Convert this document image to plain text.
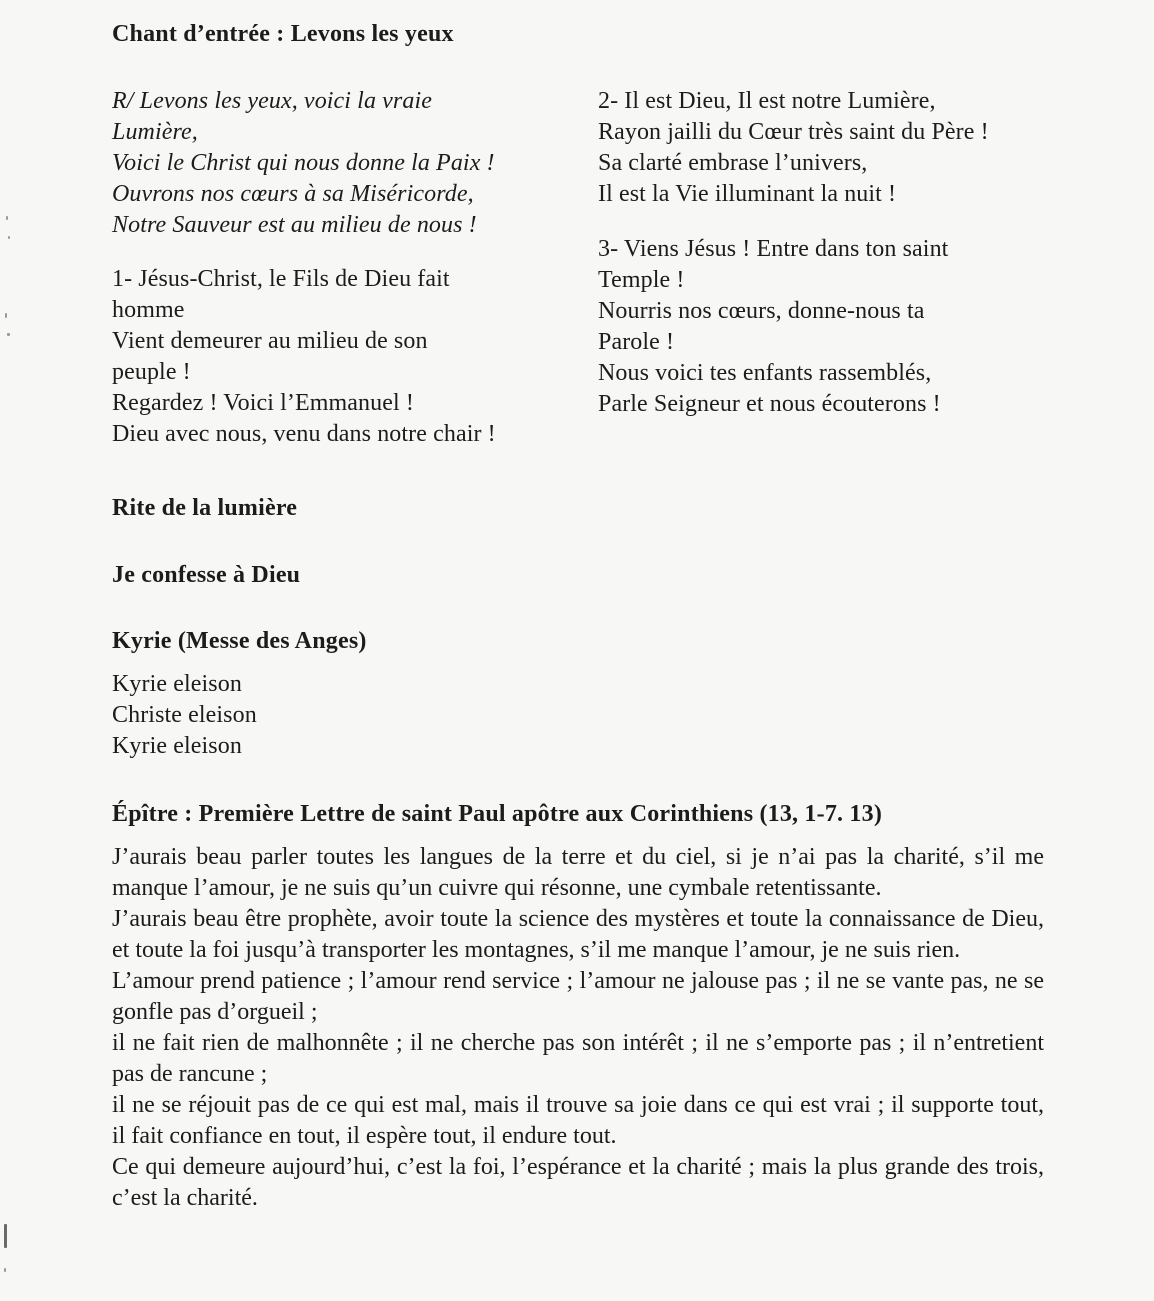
Chant d’entrée : Levons les yeux
R/ Levons les yeux, voici la vraie
Lumière,
Voici le Christ qui nous donne la Paix !
Ouvrons nos cœurs à sa Miséricorde,
Notre Sauveur est au milieu de nous !
1- Jésus-Christ, le Fils de Dieu fait
homme
Vient demeurer au milieu de son
peuple !
Regardez ! Voici l’Emmanuel !
Dieu avec nous, venu dans notre chair !
2- Il est Dieu, Il est notre Lumière,
Rayon jailli du Cœur très saint du Père !
Sa clarté embrase l’univers,
Il est la Vie illuminant la nuit !
3- Viens Jésus ! Entre dans ton saint
Temple !
Nourris nos cœurs, donne-nous ta
Parole !
Nous voici tes enfants rassemblés,
Parle Seigneur et nous écouterons !
Rite de la lumière
Je confesse à Dieu
Kyrie (Messe des Anges)
Kyrie eleison
Christe eleison
Kyrie eleison
Épître : Première Lettre de saint Paul apôtre aux Corinthiens (13, 1-7. 13)
J’aurais beau parler toutes les langues de la terre et du ciel, si je n’ai pas la charité, s’il me manque l’amour, je ne suis qu’un cuivre qui résonne, une cymbale retentissante.
J’aurais beau être prophète, avoir toute la science des mystères et toute la connaissance de Dieu, et toute la foi jusqu’à transporter les montagnes, s’il me manque l’amour, je ne suis rien.
L’amour prend patience ; l’amour rend service ; l’amour ne jalouse pas ; il ne se vante pas, ne se gonfle pas d’orgueil ;
il ne fait rien de malhonnête ; il ne cherche pas son intérêt ; il ne s’emporte pas ; il n’entretient pas de rancune ;
il ne se réjouit pas de ce qui est mal, mais il trouve sa joie dans ce qui est vrai ; il supporte tout, il fait confiance en tout, il espère tout, il endure tout.
Ce qui demeure aujourd’hui, c’est la foi, l’espérance et la charité ; mais la plus grande des trois, c’est la charité.
